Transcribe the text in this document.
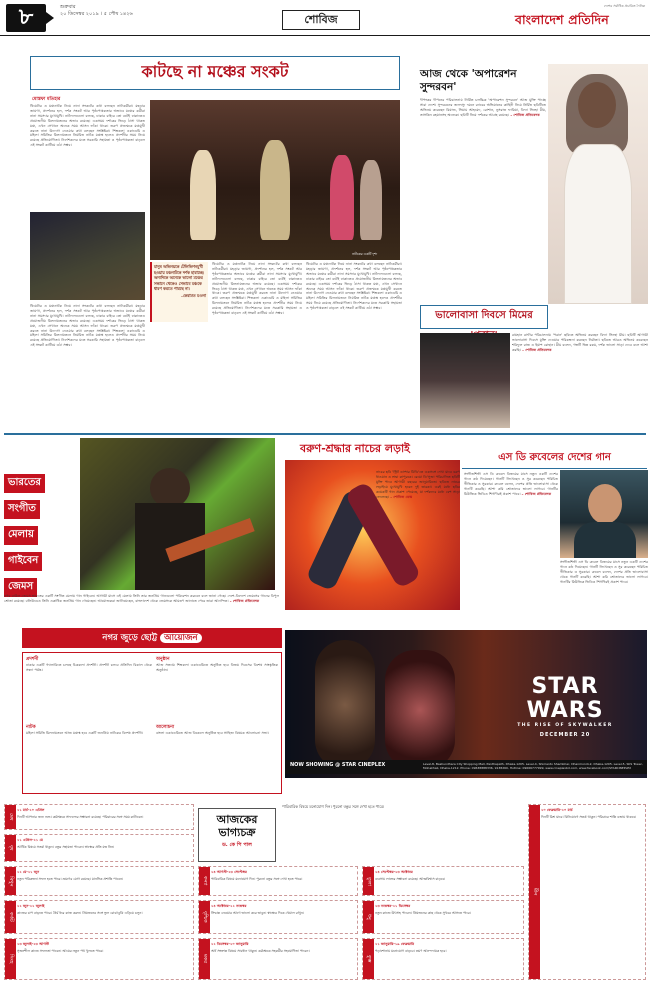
৮	শুক্রবার
২০ ডিসেম্বর ২০১৯ । ৫ পৌষ ১৪২৬	শোবিজ
দেশের সর্বাধিক প্রচারিত দৈনিক
বাংলাদেশ প্রতিদিন
কাটছে না মঞ্চের সংকট
মোস্তফা মতিহার
থিয়েটার ও মঞ্চনাটক নিয়ে নানা সংকটের কথা বলছেন নাট্যকর্মীরা। মহড়ার জায়গা, প্রদর্শনের হল, দর্শক সংকট আর পৃষ্ঠপোষকতার অভাবে মঞ্চের কর্মীরা নানা সমস্যার মুখোমুখি। নাট্যদলগুলো বলছে, ঢাকার বাইরে তো বটেই ঢাকাতেও প্রয়োজনীয় মিলনায়তনের অভাব রয়েছে। একসময় দর্শকের ভিড়ে ঠাসা থাকত মঞ্চ, এখন সেখানে অনেক সময় আসন ফাঁকা থাকে। তরুণ প্রজন্মকে মঞ্চমুখী করতে নানা উদ্যোগ নেওয়ার কথা বলছেন সংশ্লিষ্টরা। শিল্পকলা একাডেমি ও মহিলা সমিতির মিলনায়তনে নিয়মিত নাটক মঞ্চস্থ হলেও প্রদর্শনীর সময় নিয়ে রয়েছে প্রতিযোগিতা। নির্দেশকদের মতে সরকারি সহায়তা ও পৃষ্ঠপোষকতা বাড়লে এই সংকট কাটিয়ে ওঠা সম্ভব।
থিয়েটার ও মঞ্চনাটক নিয়ে নানা সংকটের কথা বলছেন নাট্যকর্মীরা। মহড়ার জায়গা, প্রদর্শনের হল, দর্শক সংকট আর পৃষ্ঠপোষকতার অভাবে মঞ্চের কর্মীরা নানা সমস্যার মুখোমুখি। নাট্যদলগুলো বলছে, ঢাকার বাইরে তো বটেই ঢাকাতেও প্রয়োজনীয় মিলনায়তনের অভাব রয়েছে। একসময় দর্শকের ভিড়ে ঠাসা থাকত মঞ্চ, এখন সেখানে অনেক সময় আসন ফাঁকা থাকে। তরুণ প্রজন্মকে মঞ্চমুখী করতে নানা উদ্যোগ নেওয়ার কথা বলছেন সংশ্লিষ্টরা। শিল্পকলা একাডেমি ও মহিলা সমিতির মিলনায়তনে নিয়মিত নাটক মঞ্চস্থ হলেও প্রদর্শনীর সময় নিয়ে রয়েছে প্রতিযোগিতা। নির্দেশকদের মতে সরকারি সহায়তা ও পৃষ্ঠপোষকতা বাড়লে এই সংকট কাটিয়ে ওঠা সম্ভব।
নাটকের একটি দৃশ্য
মানুষ অভিনয়কে টেলিভিশনমুখী হওয়ায় মঞ্চনাটকে দর্শক হারাচ্ছে। অন্যদিকে অনেকে ভালো মঞ্চের সন্ধানে থেকেও সেভাবে মঞ্চকে ধারণ করতে পারছে না।
–কেরামত মওলা
থিয়েটার ও মঞ্চনাটক নিয়ে নানা সংকটের কথা বলছেন নাট্যকর্মীরা। মহড়ার জায়গা, প্রদর্শনের হল, দর্শক সংকট আর পৃষ্ঠপোষকতার অভাবে মঞ্চের কর্মীরা নানা সমস্যার মুখোমুখি। নাট্যদলগুলো বলছে, ঢাকার বাইরে তো বটেই ঢাকাতেও প্রয়োজনীয় মিলনায়তনের অভাব রয়েছে। একসময় দর্শকের ভিড়ে ঠাসা থাকত মঞ্চ, এখন সেখানে অনেক সময় আসন ফাঁকা থাকে। তরুণ প্রজন্মকে মঞ্চমুখী করতে নানা উদ্যোগ নেওয়ার কথা বলছেন সংশ্লিষ্টরা। শিল্পকলা একাডেমি ও মহিলা সমিতির মিলনায়তনে নিয়মিত নাটক মঞ্চস্থ হলেও প্রদর্শনীর সময় নিয়ে রয়েছে প্রতিযোগিতা। নির্দেশকদের মতে সরকারি সহায়তা ও পৃষ্ঠপোষকতা বাড়লে এই সংকট কাটিয়ে ওঠা সম্ভব।
থিয়েটার ও মঞ্চনাটক নিয়ে নানা সংকটের কথা বলছেন নাট্যকর্মীরা। মহড়ার জায়গা, প্রদর্শনের হল, দর্শক সংকট আর পৃষ্ঠপোষকতার অভাবে মঞ্চের কর্মীরা নানা সমস্যার মুখোমুখি। নাট্যদলগুলো বলছে, ঢাকার বাইরে তো বটেই ঢাকাতেও প্রয়োজনীয় মিলনায়তনের অভাব রয়েছে। একসময় দর্শকের ভিড়ে ঠাসা থাকত মঞ্চ, এখন সেখানে অনেক সময় আসন ফাঁকা থাকে। তরুণ প্রজন্মকে মঞ্চমুখী করতে নানা উদ্যোগ নেওয়ার কথা বলছেন সংশ্লিষ্টরা। শিল্পকলা একাডেমি ও মহিলা সমিতির মিলনায়তনে নিয়মিত নাটক মঞ্চস্থ হলেও প্রদর্শনীর সময় নিয়ে রয়েছে প্রতিযোগিতা। নির্দেশকদের মতে সরকারি সহায়তা ও পৃষ্ঠপোষকতা বাড়লে এই সংকট কাটিয়ে ওঠা সম্ভব।
আজ থেকে 'অপারেশন সুন্দরবন'
দীপংকর দীপনের পরিচালনায় নির্মিত চলচ্চিত্র 'অপারেশন সুন্দরবন' আজ মুক্তি পাচ্ছে সারা দেশে। সুন্দরবনের জলদস্যু দমনে র‍্যাবের অভিযানের কাহিনী নিয়ে নির্মিত ছবিটিতে অভিনয় করেছেন রিয়াজ, সিয়াম আহমেদ, রোশান, নুসরাত ফারিয়া, বিদ্যা সিনহা মীম, তাসকিন রহমানসহ অনেকে। ছবিটি নিয়ে দর্শকের আগ্রহ রয়েছে। – শোবিজ প্রতিবেদক
ভালোবাসা দিবসে মিমের
রায়হান রাফীর পরিচালনায় 'পরান' ছবিতে অভিনয় করছেন বিদ্যা সিনহা মীম। ছবিটি আগামী ভালোবাসা দিবসে মুক্তি দেওয়ার পরিকল্পনা করছেন নির্মাতা। ছবিতে আরও অভিনয় করেছেন শরিফুল রাজ ও ইয়াশ রোহান। মীম বলেন, গল্পটি ভিন্ন রকম, দর্শক ভালো সাড়া দেবে বলে আশা করছি। – শোবিজ প্রতিবেদক
ভারতের
সংগীত
মেলায়
গাইবেন
জেমস
নগর বাউল জেমস ভারতের একটি সংগীত মেলায় গান গাইবেন। আগামী মাসে এই মেলায় তিনি তার জনপ্রিয় গানগুলো পরিবেশন করবেন বলে জানা গেছে। দেশে-বিদেশে জেমসের গানের বিপুল শ্রোতা রয়েছে। বলিউডেও তিনি একাধিক জনপ্রিয় গান গেয়েছেন। আয়োজকরা জানিয়েছেন, বাংলাদেশ থেকে জেমসকে আমন্ত্রণ জানাতে পেরে তারা আনন্দিত। – শোবিজ প্রতিবেদক
বরুণ-শ্রদ্ধার নাচের লড়াই
নাচের ছবি 'স্ট্রিট ডান্সার থ্রিডি'তে একসঙ্গে দেখা যাবে বরুণ ধাওয়ান ও শ্রদ্ধা কাপুরকে। রেমো ডি'সুজা পরিচালিত ছবিটি মুক্তি পাবে আগামী বছরের জানুয়ারিতে। ছবিতে নাচের লড়াইয়ে মুখোমুখি হবেন দুই তারকা। এরই মধ্যে ছবির কয়েকটি গান প্রকাশ পেয়েছে, যা দর্শকদের মধ্যে বেশ সাড়া ফেলেছে। – শোবিজ ডেস্ক
এস ডি রুবেলের দেশের গান
সংগীতশিল্পী এস ডি রুবেল বিজয়ের মাসে নতুন একটি দেশের গানে কণ্ঠ দিয়েছেন। গানটি লিখেছেন ও সুর করেছেন পরিচিত গীতিকার ও সুরকার। রুবেল বলেন, দেশের প্রতি ভালোবাসা থেকে গানটি করেছি। আশা করি শ্রোতাদের ভালো লাগবে। গানটির মিউজিক ভিডিও শিগগিরই প্রকাশ পাবে। – শোবিজ প্রতিবেদক
সংগীতশিল্পী এস ডি রুবেল বিজয়ের মাসে নতুন একটি দেশের গানে কণ্ঠ দিয়েছেন। গানটি লিখেছেন ও সুর করেছেন পরিচিত গীতিকার ও সুরকার। রুবেল বলেন, দেশের প্রতি ভালোবাসা থেকে গানটি করেছি। আশা করি শ্রোতাদের ভালো লাগবে। গানটির মিউজিক ভিডিও শিগগিরই প্রকাশ পাবে।
নগর জুড়ে ছোট্ট আয়োজন
প্রদর্শনী
ঢাকার একটি গ্যালারিতে চলছে চিত্রকলা প্রদর্শনী। প্রদর্শনী চলবে প্রতিদিন বিকাল থেকে সন্ধ্যা পর্যন্ত।
অনুষ্ঠান
আজ সন্ধ্যায় শিল্পকলা একাডেমিতে অনুষ্ঠিত হবে বিজয় দিবসের বিশেষ সাংস্কৃতিক অনুষ্ঠান।
নাটক
মহিলা সমিতি মিলনায়তনে আজ মঞ্চস্থ হবে একটি জনপ্রিয় নাটকের বিশেষ প্রদর্শনী।
আলোচনা
বাংলা একাডেমিতে আজ বিকেলে অনুষ্ঠিত হবে সাহিত্য বিষয়ক আলোচনা সভা।
STAR WARS
THE RISE OF SKYWALKER
DECEMBER 20
NOW SHOWING @ STAR CINEPLEX	Level-8, Bashundhara City Shopping Mall, Panthapath, Dhaka-1205. Level-4, Shimanto Shambhar, Dhanmondi-2, Dhaka-1205. Level-5, SKS Tower, Mohakhali, Dhaka-1212. Phone: 09638888336, 9138260, Hotline: 09666777999, www.cineplexbd.com, www.facebook.com/STARCINEPLEX
আজকের ভাগ্যচক্র
ড. কে পি পাল
মেষ
২১ মার্চ-২০ এপ্রিল
দিনটি আপনার জন্য শুভ। কর্মক্ষেত্রে সাফল্যের সম্ভাবনা রয়েছে। পরিবারের সঙ্গে সময় কাটাবেন।
বৃষ
২১ এপ্রিল-২১ মে
আর্থিক বিষয়ে সতর্ক থাকুন। বন্ধুর সহায়তা পাবেন। স্বাস্থ্যের প্রতি যত্ন নিন।
মিথুন
২২ মে-২১ জুন
নতুন পরিকল্পনা সফল হতে পারে। ভ্রমণের যোগ রয়েছে। মানসিক প্রশান্তি পাবেন।
কর্কট
২২ জুন-২২ জুলাই
কাজের চাপ বাড়তে পারে। ধৈর্য ধরে কাজ করুন। প্রিয়জনের সঙ্গে ভুল বোঝাবুঝি এড়িয়ে চলুন।
সিংহ
২৩ জুলাই-২৩ আগস্ট
সৃজনশীল কাজে সফলতা পাবেন। আয়ের নতুন পথ খুলতে পারে।
পারিবারিক বিষয়ে মনোযোগ দিন। পুরনো বন্ধুর সঙ্গে দেখা হতে পারে।
কন্যা
২৪ আগস্ট-২৩ সেপ্টেম্বর
পারিবারিক বিষয়ে মনোযোগ দিন। পুরনো বন্ধুর সঙ্গে দেখা হতে পারে।	তুলা
২৪ সেপ্টেম্বর-২৩ অক্টোবর
ব্যবসায় লাভের সম্ভাবনা রয়েছে। আত্মবিশ্বাস বাড়বে।
বৃশ্চিক
২৪ অক্টোবর-২২ নভেম্বর
সিদ্ধান্ত নেওয়ার আগে ভালো করে ভাবুন। স্বাস্থ্যের দিকে খেয়াল রাখুন।
ধনু
২৩ নভেম্বর-২১ ডিসেম্বর
নতুন কাজে উৎসাহ পাবেন। প্রিয়জনের কাছ থেকে সুখবর আসতে পারে।
মকর
২২ ডিসেম্বর-২০ জানুয়ারি
অর্থ সংক্রান্ত বিষয়ে সাবধান থাকুন। কর্মক্ষেত্রে সহকর্মীর সহযোগিতা পাবেন।
কুম্ভ
২১ জানুয়ারি-১৯ ফেব্রুয়ারি
পড়াশোনায় মনোযোগ বাড়বে। ভ্রমণ আনন্দদায়ক হবে।
মীন
২০ ফেব্রুয়ারি-২০ মার্চ
দিনটি মিশ্র যাবে। বিনিয়োগে সতর্ক থাকুন। পরিবারে শান্তি বজায় থাকবে।
